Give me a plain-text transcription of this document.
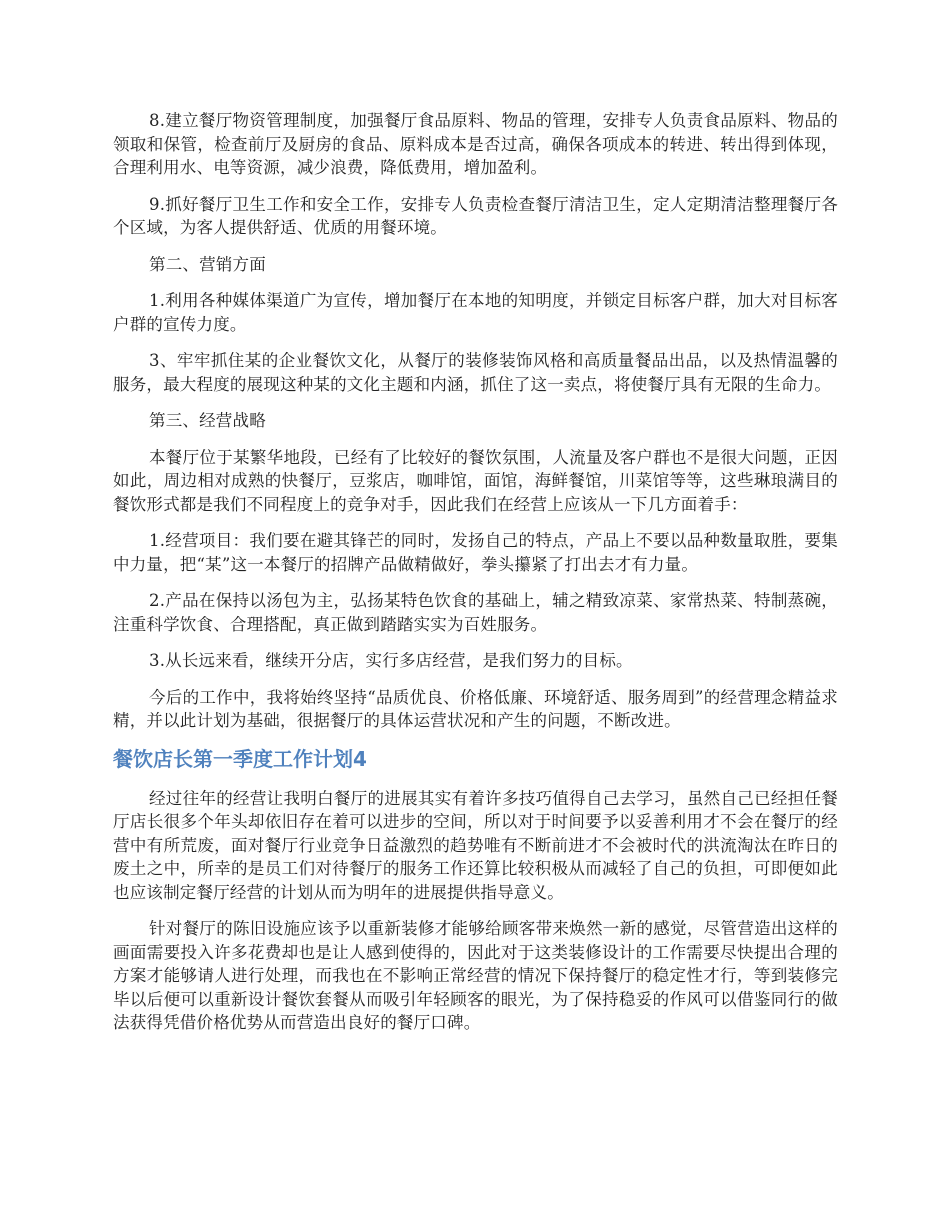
8.建立餐厅物资管理制度，加强餐厅食品原料、物品的管理，安排专人负责食品原料、物品的领取和保管，检查前厅及厨房的食品、原料成本是否过高，确保各项成本的转进、转出得到体现，合理利用水、电等资源，减少浪费，降低费用，增加盈利。

9.抓好餐厅卫生工作和安全工作，安排专人负责检查餐厅清洁卫生，定人定期清洁整理餐厅各个区域，为客人提供舒适、优质的用餐环境。

第二、营销方面

1.利用各种媒体渠道广为宣传，增加餐厅在本地的知明度，并锁定目标客户群，加大对目标客户群的宣传力度。

3、牢牢抓住某的企业餐饮文化，从餐厅的装修装饰风格和高质量餐品出品，以及热情温馨的服务，最大程度的展现这种某的文化主题和内涵，抓住了这一卖点，将使餐厅具有无限的生命力。

第三、经营战略

本餐厅位于某繁华地段，已经有了比较好的餐饮氛围，人流量及客户群也不是很大问题，正因如此，周边相对成熟的快餐厅，豆浆店，咖啡馆，面馆，海鲜餐馆，川菜馆等等，这些琳琅满目的餐饮形式都是我们不同程度上的竞争对手，因此我们在经营上应该从一下几方面着手：

1.经营项目：我们要在避其锋芒的同时，发扬自己的特点，产品上不要以品种数量取胜，要集中力量，把“某”这一本餐厅的招牌产品做精做好，拳头攥紧了打出去才有力量。

2.产品在保持以汤包为主，弘扬某特色饮食的基础上，辅之精致凉菜、家常热菜、特制蒸碗，注重科学饮食、合理搭配，真正做到踏踏实实为百姓服务。

3.从长远来看，继续开分店，实行多店经营，是我们努力的目标。

今后的工作中，我将始终坚持“品质优良、价格低廉、环境舒适、服务周到”的经营理念精益求精，并以此计划为基础，很据餐厅的具体运营状况和产生的问题，不断改进。

餐饮店长第一季度工作计划4

经过往年的经营让我明白餐厅的进展其实有着许多技巧值得自己去学习，虽然自己已经担任餐厅店长很多个年头却依旧存在着可以进步的空间，所以对于时间要予以妥善利用才不会在餐厅的经营中有所荒废，面对餐厅行业竞争日益激烈的趋势唯有不断前进才不会被时代的洪流淘汰在昨日的废土之中，所幸的是员工们对待餐厅的服务工作还算比较积极从而减轻了自己的负担，可即便如此也应该制定餐厅经营的计划从而为明年的进展提供指导意义。

针对餐厅的陈旧设施应该予以重新装修才能够给顾客带来焕然一新的感觉，尽管营造出这样的画面需要投入许多花费却也是让人感到使得的，因此对于这类装修设计的工作需要尽快提出合理的方案才能够请人进行处理，而我也在不影响正常经营的情况下保持餐厅的稳定性才行，等到装修完毕以后便可以重新设计餐饮套餐从而吸引年轻顾客的眼光，为了保持稳妥的作风可以借鉴同行的做法获得凭借价格优势从而营造出良好的餐厅口碑。
